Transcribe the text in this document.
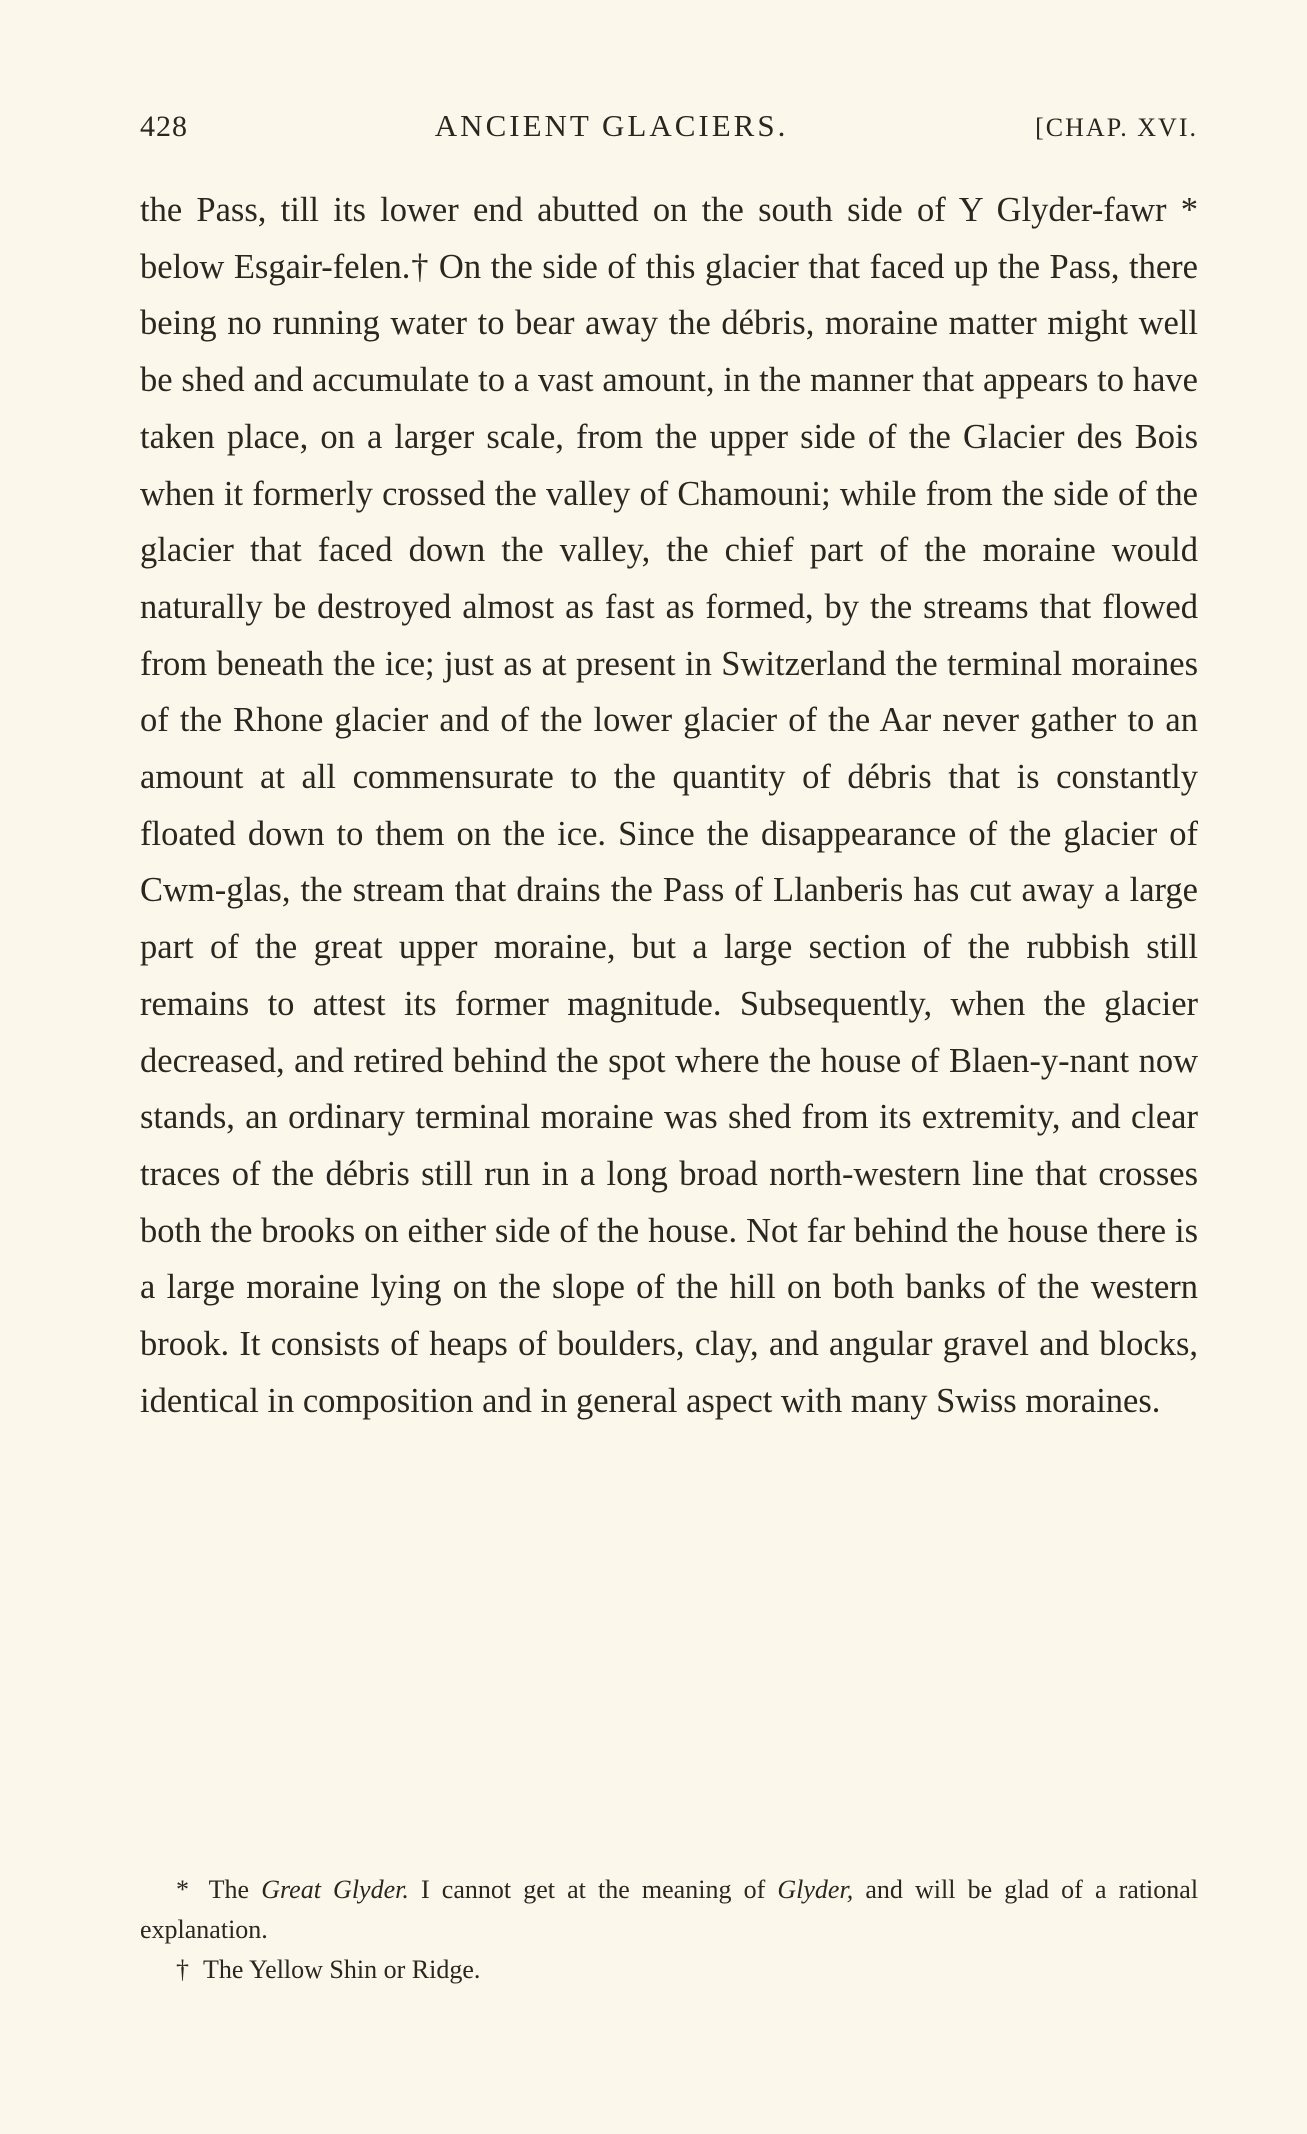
428	ANCIENT GLACIERS.	[CHAP. XVI.

the Pass, till its lower end abutted on the south side of Y Glyder-fawr * below Esgair-felen.† On the side of this glacier that faced up the Pass, there being no running water to bear away the débris, moraine matter might well be shed and accumulate to a vast amount, in the manner that appears to have taken place, on a larger scale, from the upper side of the Glacier des Bois when it formerly crossed the valley of Chamouni; while from the side of the glacier that faced down the valley, the chief part of the moraine would naturally be destroyed almost as fast as formed, by the streams that flowed from beneath the ice; just as at present in Switzerland the terminal moraines of the Rhone glacier and of the lower glacier of the Aar never gather to an amount at all commensurate to the quantity of débris that is constantly floated down to them on the ice. Since the disappearance of the glacier of Cwm-glas, the stream that drains the Pass of Llanberis has cut away a large part of the great upper moraine, but a large section of the rubbish still remains to attest its former magnitude. Subsequently, when the glacier decreased, and retired behind the spot where the house of Blaen-y-nant now stands, an ordinary terminal moraine was shed from its extremity, and clear traces of the débris still run in a long broad north-western line that crosses both the brooks on either side of the house. Not far behind the house there is a large moraine lying on the slope of the hill on both banks of the western brook. It consists of heaps of boulders, clay, and angular gravel and blocks, identical in composition and in general aspect with many Swiss moraines.

* The Great Glyder. I cannot get at the meaning of Glyder, and will be glad of a rational explanation.

† The Yellow Shin or Ridge.
